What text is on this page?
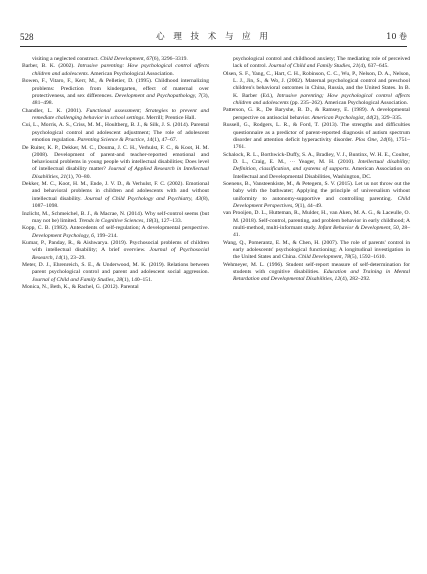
528	心 理 技 术 与 应 用	10 卷

visiting a neglected construct. Child Development, 67(6), 3296–3319.

Barber, B. K. (2002). Intrusive parenting: How psychological control affects children and adolescents. American Psychological Association.

Bowen, F., Vitaro, F., Kerr, M., & Pelletier, D. (1995). Childhood internalizing problems: Prediction from kindergarten, effect of maternal over protectiveness, and sex differences. Development and Psychopathology, 7(3), 481–498.

Chandler, L. K. (2001). Functional assessment; Strategies to prevent and remediate challenging behavior in school settings. Merrill; Prentice Hall.

Cui, L., Morris, A. S., Criss, M. M., Houltberg, B. J., & Silk, J. S. (2014). Parental psychological control and adolescent adjustment; The role of adolescent emotion regulation. Parenting Science & Practice, 14(1), 47–67.

De Ruiter, K. P., Dekker, M. C., Douma, J. C. H., Verhulst, F. C., & Koot, H. M. (2008). Development of parent-and teacher-reported emotional and behavioural problems in young people with intellectual disabilities; Does level of intellectual disability matter? Journal of Applied Research in Intellectual Disabilities, 21(1), 70–80.

Dekker, M. C., Koot, H. M., Ende, J. V. D., & Verhulst, F. C. (2002). Emotional and behavioral problems in children and adolescents with and without intellectual disability. Journal of Child Psychology and Psychiatry, 43(8), 1087–1098.

Inzlicht, M., Schmeichel, B. J., & Macrae, N. (2014). Why self-control seems (but may not be) limited. Trends in Cognitive Sciences, 18(3), 127–133.

Kopp, C. B. (1982). Antecedents of self-regulation; A developmental perspective. Development Psychology, 6, 199–214.

Kumar, P., Panday, R., & Aishwarya. (2019). Psychosocial problems of children with intellectual disability; A brief overview. Journal of Psychosocial Research, 14(1), 23–29.

Meter, D. J., Ehrenreich, S. E., & Underwood, M. K. (2019). Relations between parent psychological control and parent and adolescent social aggression. Journal of Child and Family Studies, 28(1), 140–151.

Monica, N., Beth, K., & Rachel, G. (2012). Parental

psychological control and childhood anxiety; The mediating role of perceived lack of control. Journal of Child and Family Studies, 21(4), 637–645.

Olsen, S. F., Yang, C., Hart, C. H., Robinson, C. C., Wu, P., Nelson, D. A., Nelson, L. J., Jin, S., & Wo, J. (2002). Maternal psychological control and preschool children's behavioral outcomes in China, Russia, and the United States. In B. K. Barber (Ed.), Intrusive parenting; How psychological control affects children and adolescents (pp. 235–262). American Psychological Association.

Patterson, G. R., De Baryshe, B. D., & Ramsey, E. (1989). A developmental perspective on antisocial behavior. American Psychologist, 44(2), 329–335.

Russell, G., Rodgers, L. R., & Ford, T. (2013). The strengths and difficulties questionnaire as a predictor of parent-reported diagnosis of autism spectrum disorder and attention deficit hyperactivity disorder. Plos One, 24(6), 1751–1761.

Schalock, R. L., Borthwick-Duffy, S. A., Bradley, V. J., Buntinx, W. H. E., Coulter, D. L., Craig, E. M., ··· Yeager, M. H. (2010). Intellectual disability; Definition, classification, and systems of supports. American Association on Intellectual and Developmental Disabilities, Washington, DC.

Soenens, B., Vansteenkiste, M., & Petegem, S. V. (2015). Let us not throw out the baby with the bathwater; Applying the principle of universalism without uniformity to autonomy-supportive and controlling parenting. Child Development Perspectives, 9(1), 44–49.

van Prooijen, D. L., Hutteman, R., Mulder, H., van Aken, M. A. G., & Laceulle, O. M. (2018). Self-control, parenting, and problem behavior in early childhood; A multi-method, multi-informant study. Infant Behavior & Development, 50, 28–41.

Wang, Q., Pomerantz, E. M., & Chen, H. (2007). The role of parents' control in early adolescents' psychological functioning; A longitudinal investigation in the United States and China. Child Development, 78(5), 1592–1610.

Wehmeyer, M. L. (1996). Student self-report measure of self-determination for students with cognitive disabilities. Education and Training in Mental Retardation and Developmental Disabilities, 12(4), 282–292.
